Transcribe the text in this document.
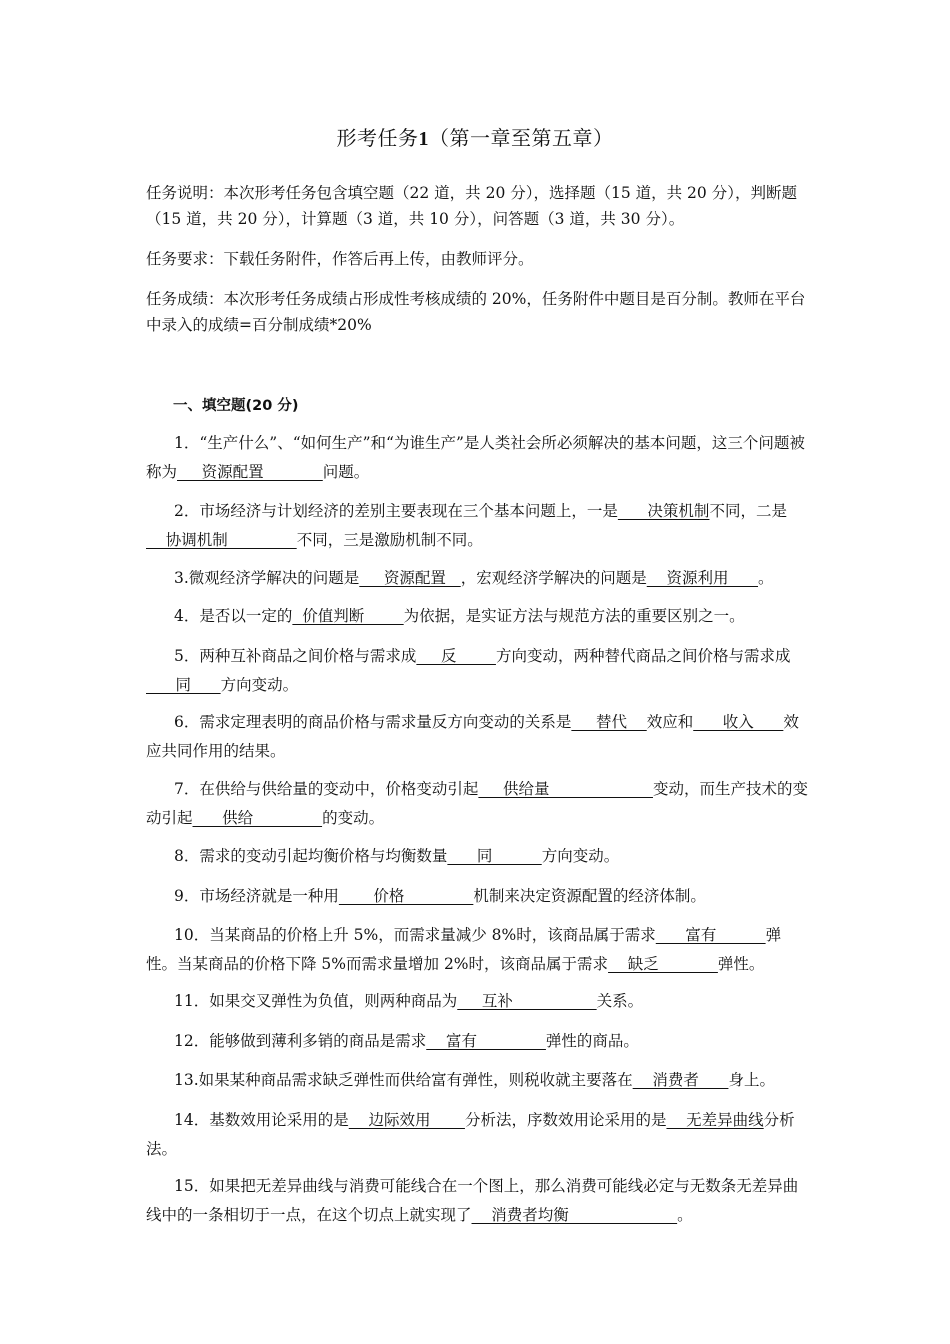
形考任务1（第一章至第五章）
任务说明：本次形考任务包含填空题（22 道，共 20 分），选择题（15 道，共 20 分），判断题（15 道，共 20 分），计算题（3 道，共 10 分），问答题（3 道，共 30 分）。
任务要求：下载任务附件，作答后再上传，由教师评分。
任务成绩：本次形考任务成绩占形成性考核成绩的 20%，任务附件中题目是百分制。教师在平台中录入的成绩=百分制成绩*20%
一、填空题(20 分)
1．“生产什么”、“如何生产”和“为谁生产”是人类社会所必须解决的基本问题，这三个问题被称为     资源配置            问题。
2．市场经济与计划经济的差别主要表现在三个基本问题上，一是      决策机制不同，二是    协调机制              不同，三是激励机制不同。
3.微观经济学解决的问题是     资源配置   ，宏观经济学解决的问题是    资源利用      。
4．是否以一定的  价值判断        为依据，是实证方法与规范方法的重要区别之一。
5．两种互补商品之间价格与需求成     反        方向变动，两种替代商品之间价格与需求成      同      方向变动。
6．需求定理表明的商品价格与需求量反方向变动的关系是     替代    效应和      收入      效应共同作用的结果。
7．在供给与供给量的变动中，价格变动引起     供给量                     变动，而生产技术的变动引起      供给              的变动。
8．需求的变动引起均衡价格与均衡数量      同          方向变动。
9．市场经济就是一种用       价格              机制来决定资源配置的经济体制。
10．当某商品的价格上升 5%，而需求量减少 8%时，该商品属于需求      富有          弹性。当某商品的价格下降 5%而需求量增加 2%时，该商品属于需求    缺乏            弹性。
11．如果交叉弹性为负值，则两种商品为     互补                 关系。
12．能够做到薄利多销的商品是需求    富有              弹性的商品。
13.如果某种商品需求缺乏弹性而供给富有弹性，则税收就主要落在    消费者      身上。
14．基数效用论采用的是    边际效用       分析法，序数效用论采用的是    无差异曲线分析法。
15．如果把无差异曲线与消费可能线合在一个图上，那么消费可能线必定与无数条无差异曲线中的一条相切于一点，在这个切点上就实现了    消费者均衡                      。
